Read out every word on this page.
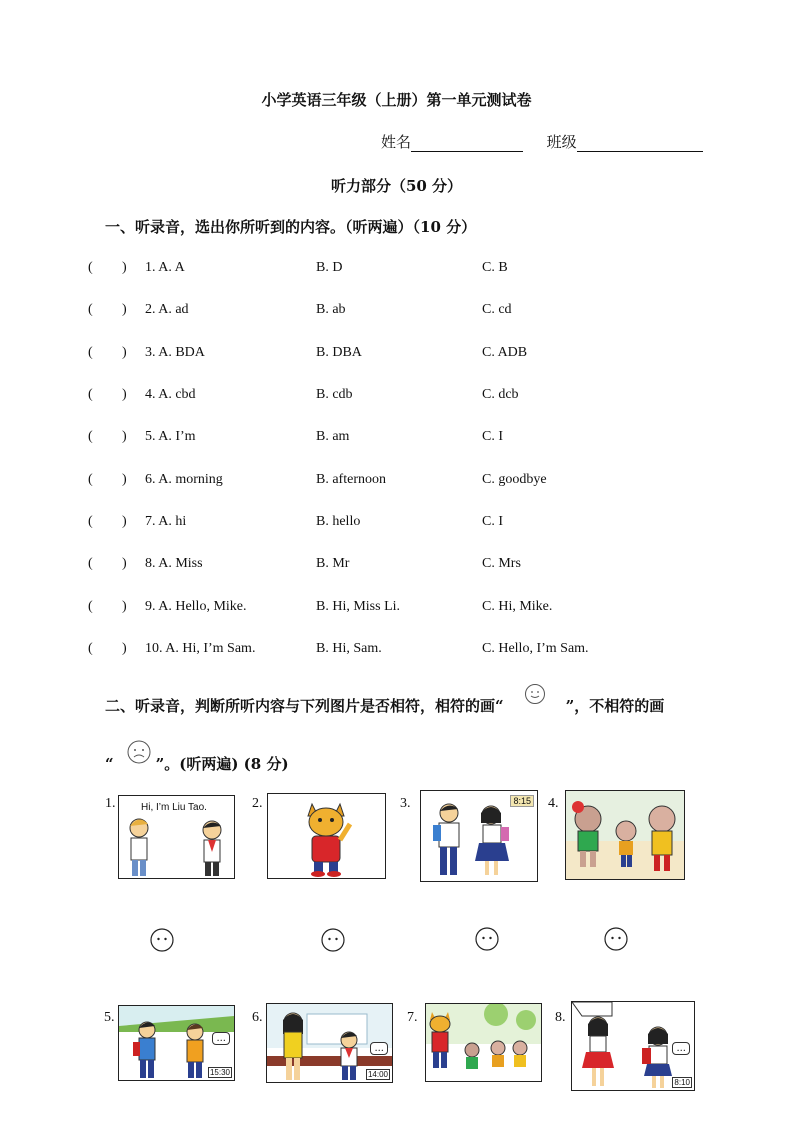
小学英语三年级（上册）第一单元测试卷
姓名	班级
听力部分（50 分）
一、听录音，选出你所听到的内容。（听两遍）（10 分）
( ) 1. A. A	B. D	C. B
( ) 2. A. ad	B. ab	C. cd
( ) 3. A. BDA	B. DBA	C. ADB
( ) 4. A. cbd	B. cdb	C. dcb
( ) 5. A. I’m	B. am	C. I
( ) 6. A. morning	B. afternoon	C. goodbye
( ) 7. A. hi	B. hello	C. I
( ) 8. A. Miss	B. Mr	C. Mrs
( ) 9. A. Hello, Mike.	B. Hi, Miss Li.	C. Hi, Mike.
( ) 10. A. Hi, I’m Sam.	B. Hi, Sam.	C. Hello, I’m Sam.
二、听录音，判断所听内容与下列图片是否相符，相符的画“	”，不相符的画
“	”。(听两遍) (8 分)
1.	Hi, I’m Liu Tao.	2.	3.	8:15 4.
5.
...
15:30
6.
...
14:00
7.	8.
...
8:10
